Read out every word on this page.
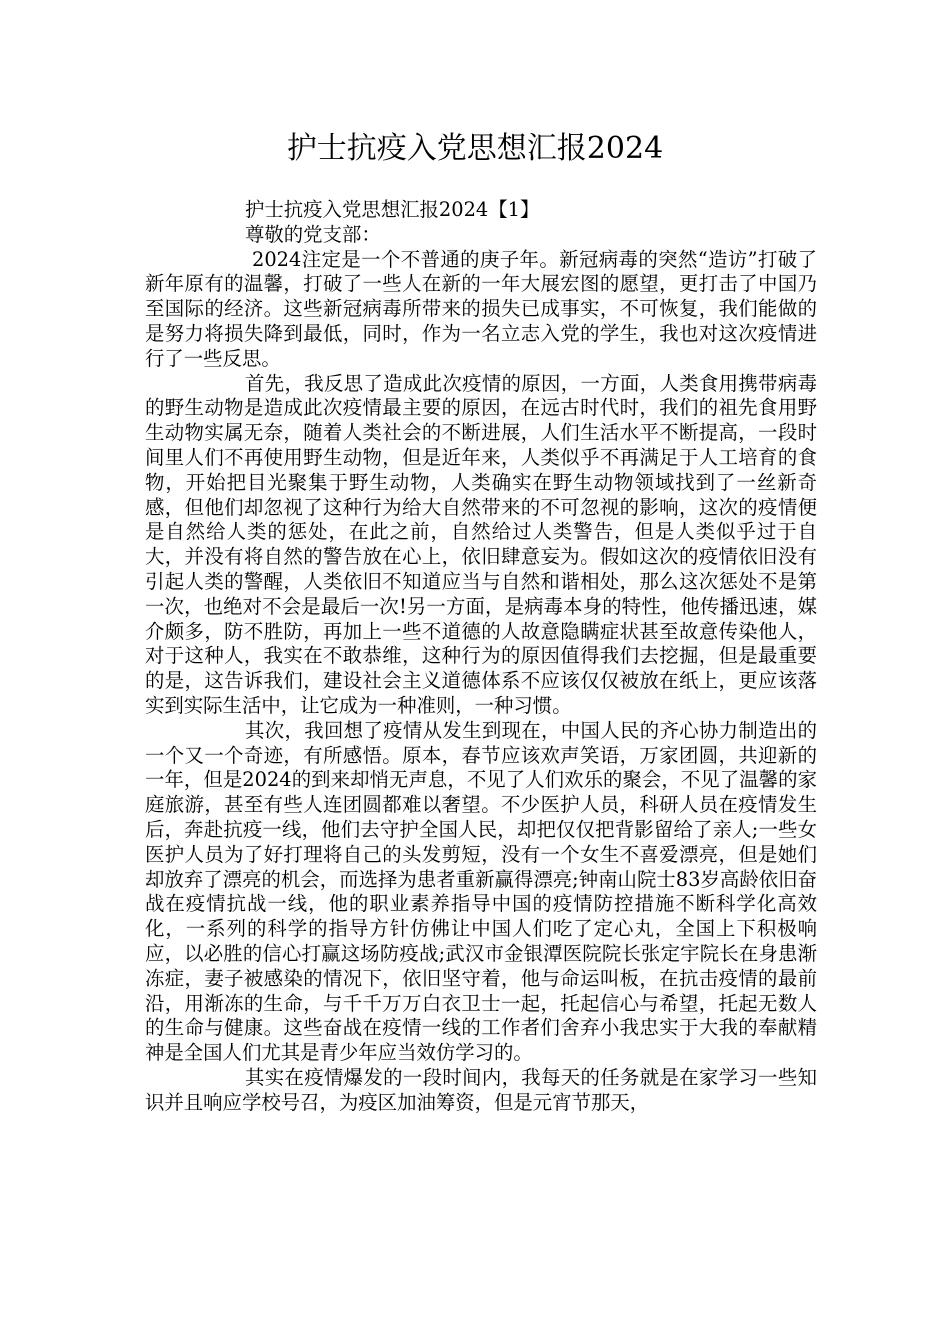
护士抗疫入党思想汇报2024

护士抗疫入党思想汇报2024【1】

尊敬的党支部：

2024注定是一个不普通的庚子年。新冠病毒的突然“造访”打破了新年原有的温馨，打破了一些人在新的一年大展宏图的愿望，更打击了中国乃至国际的经济。这些新冠病毒所带来的损失已成事实，不可恢复，我们能做的是努力将损失降到最低，同时，作为一名立志入党的学生，我也对这次疫情进行了一些反思。

首先，我反思了造成此次疫情的原因，一方面，人类食用携带病毒的野生动物是造成此次疫情最主要的原因，在远古时代时，我们的祖先食用野生动物实属无奈，随着人类社会的不断进展，人们生活水平不断提高，一段时间里人们不再使用野生动物，但是近年来，人类似乎不再满足于人工培育的食物，开始把目光聚集于野生动物，人类确实在野生动物领域找到了一丝新奇感，但他们却忽视了这种行为给大自然带来的不可忽视的影响，这次的疫情便是自然给人类的惩处，在此之前，自然给过人类警告，但是人类似乎过于自大，并没有将自然的警告放在心上，依旧肆意妄为。假如这次的疫情依旧没有引起人类的警醒，人类依旧不知道应当与自然和谐相处，那么这次惩处不是第一次，也绝对不会是最后一次!另一方面，是病毒本身的特性，他传播迅速，媒介颇多，防不胜防，再加上一些不道德的人故意隐瞒症状甚至故意传染他人，对于这种人，我实在不敢恭维，这种行为的原因值得我们去挖掘，但是最重要的是，这告诉我们，建设社会主义道德体系不应该仅仅被放在纸上，更应该落实到实际生活中，让它成为一种准则，一种习惯。

其次，我回想了疫情从发生到现在，中国人民的齐心协力制造出的一个又一个奇迹，有所感悟。原本，春节应该欢声笑语，万家团圆，共迎新的一年，但是2024的到来却悄无声息，不见了人们欢乐的聚会，不见了温馨的家庭旅游，甚至有些人连团圆都难以奢望。不少医护人员，科研人员在疫情发生后，奔赴抗疫一线，他们去守护全国人民，却把仅仅把背影留给了亲人;一些女医护人员为了好打理将自己的头发剪短，没有一个女生不喜爱漂亮，但是她们却放弃了漂亮的机会，而选择为患者重新赢得漂亮;钟南山院士83岁高龄依旧奋战在疫情抗战一线，他的职业素养指导中国的疫情防控措施不断科学化高效化，一系列的科学的指导方针仿佛让中国人们吃了定心丸，全国上下积极响应，以必胜的信心打赢这场防疫战;武汉市金银潭医院院长张定宇院长在身患渐冻症，妻子被感染的情况下，依旧坚守着，他与命运叫板，在抗击疫情的最前沿，用渐冻的生命，与千千万万白衣卫士一起，托起信心与希望，托起无数人的生命与健康。这些奋战在疫情一线的工作者们舍弃小我忠实于大我的奉献精神是全国人们尤其是青少年应当效仿学习的。

其实在疫情爆发的一段时间内，我每天的任务就是在家学习一些知识并且响应学校号召，为疫区加油筹资，但是元宵节那天，
